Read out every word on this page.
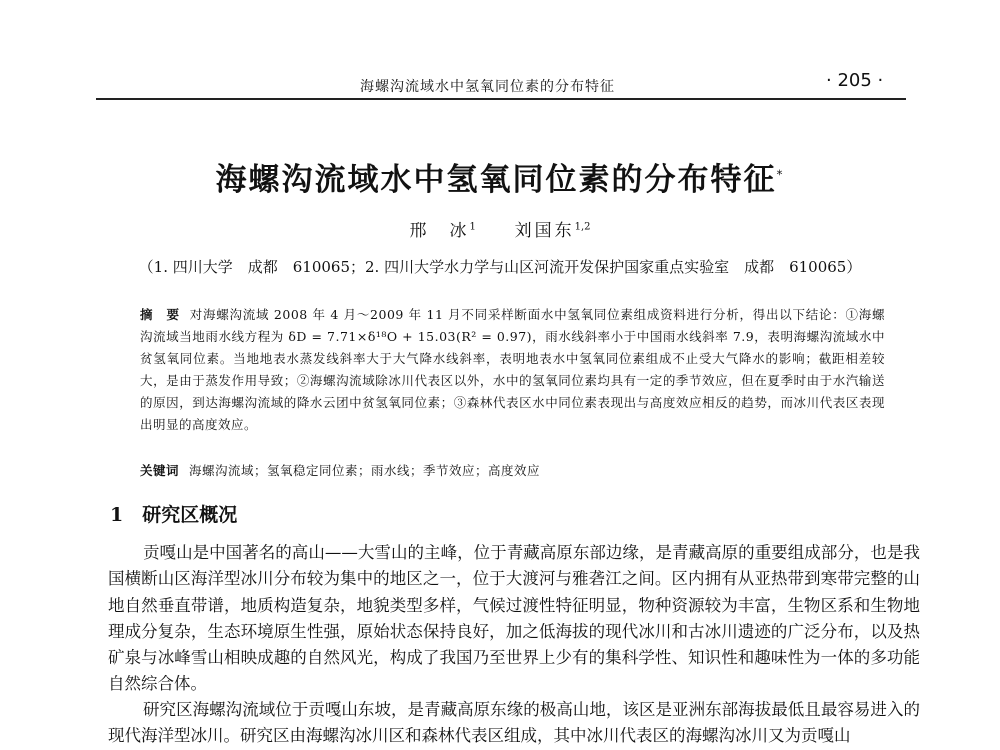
海螺沟流域水中氢氧同位素的分布特征	· 205 ·
海螺沟流域水中氢氧同位素的分布特征*
邢　冰$^1$ 刘国东$^{1,2}$
（1. 四川大学　成都　610065；2. 四川大学水力学与山区河流开发保护国家重点实验室　成都　610065）
摘　要 对海螺沟流域 2008 年 4 月～2009 年 11 月不同采样断面水中氢氧同位素组成资料进行分析，得出以下结论：①海螺沟流域当地雨水线方程为 δD = 7.71×δ¹⁸O + 15.03(R² = 0.97)，雨水线斜率小于中国雨水线斜率 7.9，表明海螺沟流域水中贫氢氧同位素。当地地表水蒸发线斜率大于大气降水线斜率，表明地表水中氢氧同位素组成不止受大气降水的影响；截距相差较大，是由于蒸发作用导致；②海螺沟流域除冰川代表区以外，水中的氢氧同位素均具有一定的季节效应，但在夏季时由于水汽输送的原因，到达海螺沟流域的降水云团中贫氢氧同位素；③森林代表区水中同位素表现出与高度效应相反的趋势，而冰川代表区表现出明显的高度效应。
关键词 海螺沟流域；氢氧稳定同位素；雨水线；季节效应；高度效应
1　研究区概况
贡嘎山是中国著名的高山——大雪山的主峰，位于青藏高原东部边缘，是青藏高原的重要组成部分，也是我国横断山区海洋型冰川分布较为集中的地区之一，位于大渡河与雅砻江之间。区内拥有从亚热带到寒带完整的山地自然垂直带谱，地质构造复杂，地貌类型多样，气候过渡性特征明显，物种资源较为丰富，生物区系和生物地理成分复杂，生态环境原生性强，原始状态保持良好，加之低海拔的现代冰川和古冰川遗迹的广泛分布，以及热矿泉与冰峰雪山相映成趣的自然风光，构成了我国乃至世界上少有的集科学性、知识性和趣味性为一体的多功能自然综合体。
研究区海螺沟流域位于贡嘎山东坡，是青藏高原东缘的极高山地，该区是亚洲东部海拔最低且最容易进入的现代海洋型冰川。研究区由海螺沟冰川区和森林代表区组成，其中冰川代表区的海螺沟冰川又为贡嘎山
